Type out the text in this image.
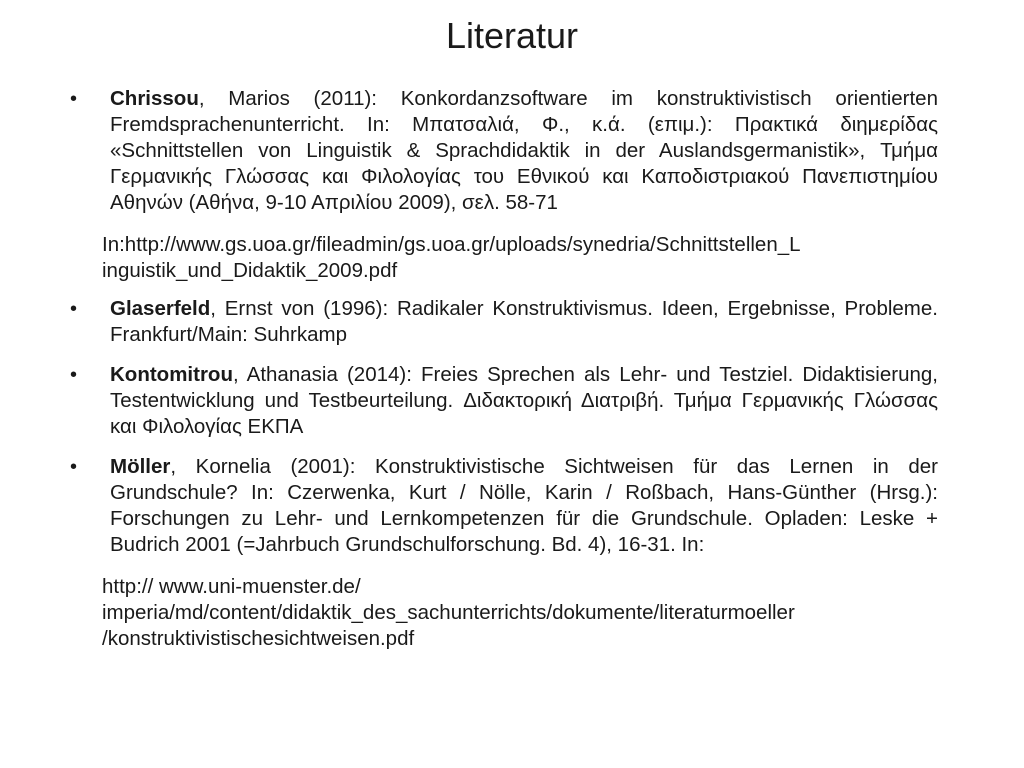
Literatur
•	Chrissou, Marios (2011): Konkordanzsoftware im konstruktivistisch orientierten Fremdsprachenunterricht. In: Μπατσαλιά, Φ., κ.ά. (επιμ.): Πρακτικά διημερίδας «Schnittstellen von Linguistik & Sprachdidaktik in der Auslandsgermanistik», Τμήμα Γερμανικής Γλώσσας και Φιλολογίας του Εθνικού και Καποδιστριακού Πανεπιστημίου Αθηνών (Αθήνα, 9-10 Απριλίου 2009), σελ. 58-71
In:http://www.gs.uoa.gr/fileadmin/gs.uoa.gr/uploads/synedria/Schnittstellen_L
inguistik_und_Didaktik_2009.pdf
•	Glaserfeld, Ernst von (1996): Radikaler Konstruktivismus. Ideen, Ergebnisse, Probleme. Frankfurt/Main: Suhrkamp
•	Kontomitrou, Athanasia (2014): Freies Sprechen als Lehr- und Testziel. Didaktisierung, Testentwicklung und Testbeurteilung. Διδακτορική Διατριβή. Τμήμα Γερμανικής Γλώσσας και Φιλολογίας ΕΚΠΑ
•	Möller, Kornelia (2001): Konstruktivistische Sichtweisen für das Lernen in der Grundschule? In: Czerwenka, Kurt / Nölle, Karin / Roßbach, Hans-Günther (Hrsg.): Forschungen zu Lehr- und Lernkompetenzen für die Grundschule. Opladen: Leske + Budrich 2001 (=Jahrbuch Grundschulforschung. Bd. 4), 16-31. In:
http:// www.uni-muenster.de/
imperia/md/content/didaktik_des_sachunterrichts/dokumente/literaturmoeller
/konstruktivistischesichtweisen.pdf
